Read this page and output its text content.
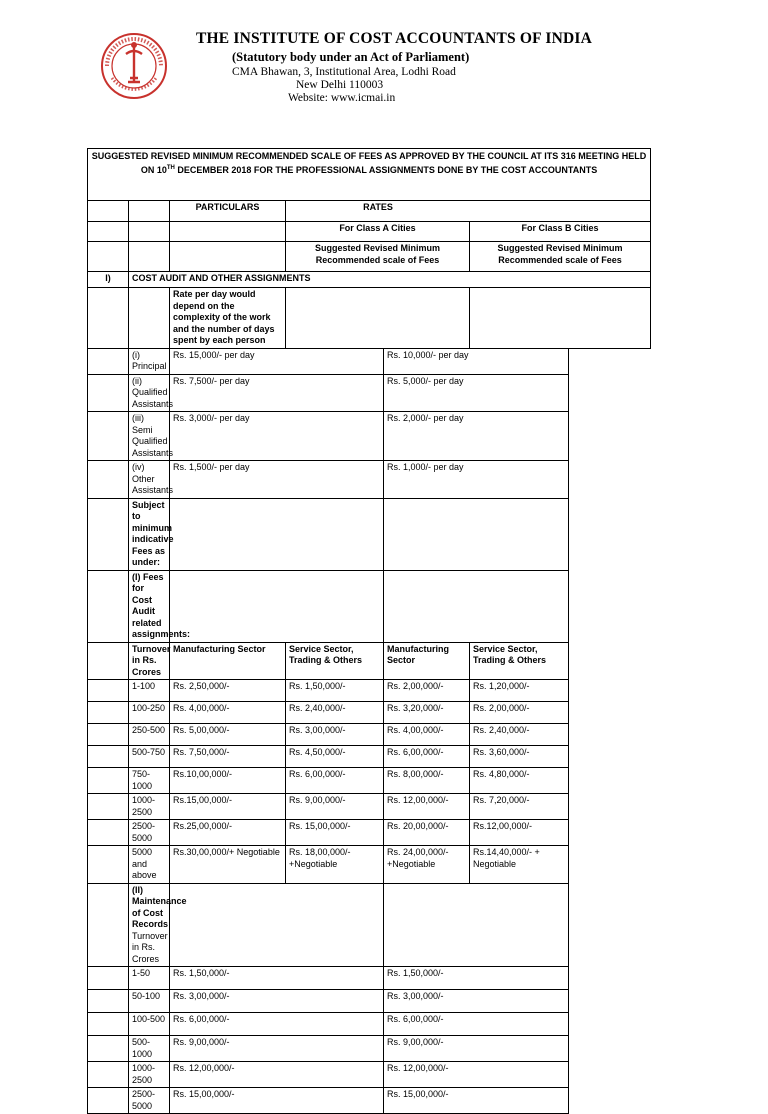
THE INSTITUTE OF COST ACCOUNTANTS OF INDIA
(Statutory body under an Act of Parliament)
CMA Bhawan, 3, Institutional Area, Lodhi Road
New Delhi 110003
Website: www.icmai.in
SUGGESTED REVISED MINIMUM RECOMMENDED SCALE OF FEES AS APPROVED BY THE COUNCIL AT ITS 316 MEETING HELD
ON 10TH DECEMBER 2018 FOR THE PROFESSIONAL ASSIGNMENTS DONE BY THE COST ACCOUNTANTS					

		PARTICULARS	RATES		
			For Class A Cities		For Class B Cities
			Suggested Revised Minimum Recommended scale of Fees		Suggested Revised Minimum Recommended scale of Fees
I)	COST AUDIT AND OTHER ASSIGNMENTS				
		Rate per day would depend on the complexity of the work and the number of days spent by each person			
	(i) Principal	Rs. 15,000/- per day		Rs. 10,000/- per day	
	(ii) Qualified Assistants	Rs. 7,500/- per day		Rs. 5,000/- per day	
	(iii) Semi Qualified Assistants	Rs. 3,000/- per day		Rs. 2,000/- per day	
	(iv) Other Assistants	Rs. 1,500/- per day		Rs. 1,000/- per day	
	Subject to minimum indicative Fees as under:				
	(I) Fees for Cost Audit related assignments:				
	Turnover in Rs. Crores	Manufacturing Sector	Service Sector, Trading & Others	Manufacturing Sector	Service Sector, Trading & Others
	1-100	Rs. 2,50,000/-	Rs. 1,50,000/-	Rs. 2,00,000/-	Rs. 1,20,000/-
	100-250	Rs. 4,00,000/-	Rs. 2,40,000/-	Rs. 3,20,000/-	Rs. 2,00,000/-
	250-500	Rs. 5,00,000/-	Rs. 3,00,000/-	Rs. 4,00,000/-	Rs. 2,40,000/-
	500-750	Rs. 7,50,000/-	Rs. 4,50,000/-	Rs. 6,00,000/-	Rs. 3,60,000/-
	750-1000	Rs.10,00,000/-	Rs. 6,00,000/-	Rs. 8,00,000/-	Rs. 4,80,000/-
	1000-2500	Rs.15,00,000/-	Rs. 9,00,000/-	Rs. 12,00,000/-	Rs. 7,20,000/-
	2500-5000	Rs.25,00,000/-	Rs. 15,00,000/-	Rs. 20,00,000/-	Rs.12,00,000/-
	5000 and above	Rs.30,00,000/+ Negotiable	Rs. 18,00,000/- +Negotiable	Rs. 24,00,000/- +Negotiable	Rs.14,40,000/- + Negotiable

	(II) Maintenance of Cost Records
Turnover in Rs. Crores				

	1-50	Rs. 1,50,000/-		Rs. 1,50,000/-	
	50-100	Rs. 3,00,000/-		Rs. 3,00,000/-	
	100-500	Rs. 6,00,000/-		Rs. 6,00,000/-	
	500-1000	Rs. 9,00,000/-		Rs. 9,00,000/-	
	1000-2500	Rs. 12,00,000/-		Rs. 12,00,000/-	
	2500-5000	Rs. 15,00,000/-		Rs. 15,00,000/-	
